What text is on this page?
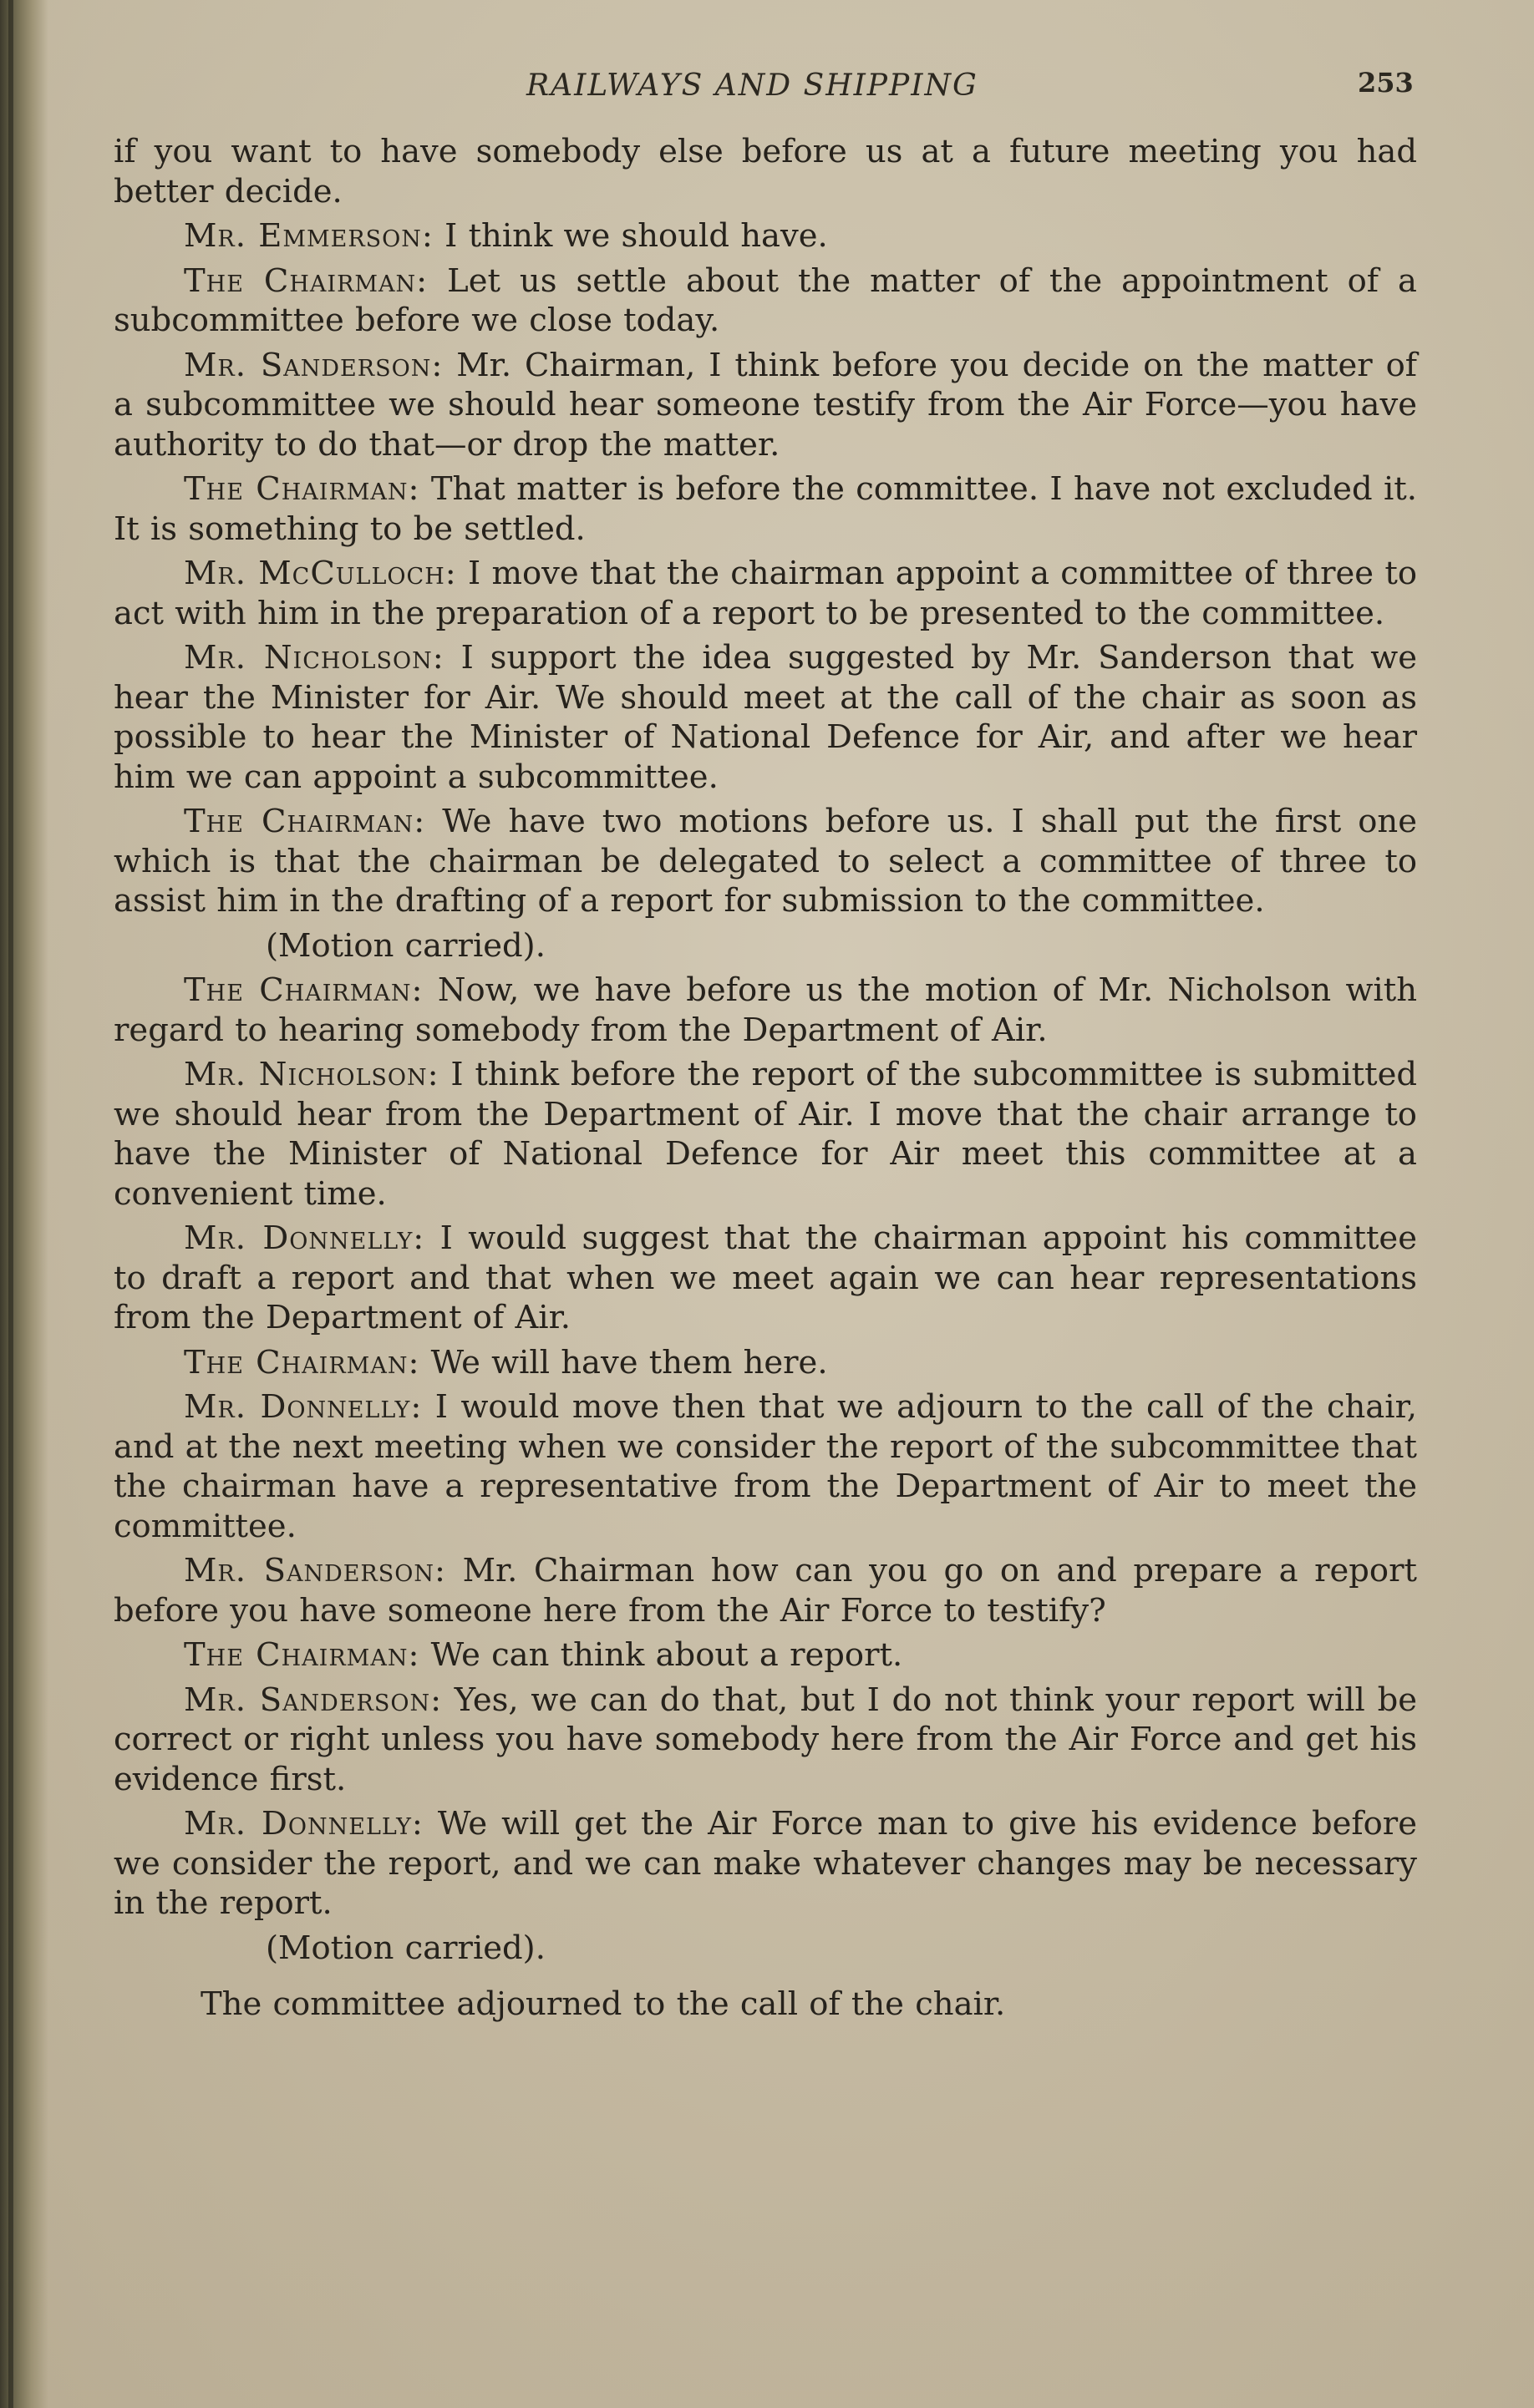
RAILWAYS AND SHIPPING	253

if you want to have somebody else before us at a future meeting you had better decide.

Mr. Emmerson: I think we should have.

The Chairman: Let us settle about the matter of the appointment of a subcommittee before we close today.

Mr. Sanderson: Mr. Chairman, I think before you decide on the matter of a subcommittee we should hear someone testify from the Air Force—you have authority to do that—or drop the matter.

The Chairman: That matter is before the committee. I have not excluded it. It is something to be settled.

Mr. McCulloch: I move that the chairman appoint a committee of three to act with him in the preparation of a report to be presented to the committee.

Mr. Nicholson: I support the idea suggested by Mr. Sanderson that we hear the Minister for Air. We should meet at the call of the chair as soon as possible to hear the Minister of National Defence for Air, and after we hear him we can appoint a subcommittee.

The Chairman: We have two motions before us. I shall put the first one which is that the chairman be delegated to select a committee of three to assist him in the drafting of a report for submission to the committee.

(Motion carried).

The Chairman: Now, we have before us the motion of Mr. Nicholson with regard to hearing somebody from the Department of Air.

Mr. Nicholson: I think before the report of the subcommittee is submitted we should hear from the Department of Air. I move that the chair arrange to have the Minister of National Defence for Air meet this committee at a convenient time.

Mr. Donnelly: I would suggest that the chairman appoint his committee to draft a report and that when we meet again we can hear representations from the Department of Air.

The Chairman: We will have them here.

Mr. Donnelly: I would move then that we adjourn to the call of the chair, and at the next meeting when we consider the report of the subcommittee that the chairman have a representative from the Department of Air to meet the committee.

Mr. Sanderson: Mr. Chairman how can you go on and prepare a report before you have someone here from the Air Force to testify?

The Chairman: We can think about a report.

Mr. Sanderson: Yes, we can do that, but I do not think your report will be correct or right unless you have somebody here from the Air Force and get his evidence first.

Mr. Donnelly: We will get the Air Force man to give his evidence before we consider the report, and we can make whatever changes may be necessary in the report.

(Motion carried).

The committee adjourned to the call of the chair.
